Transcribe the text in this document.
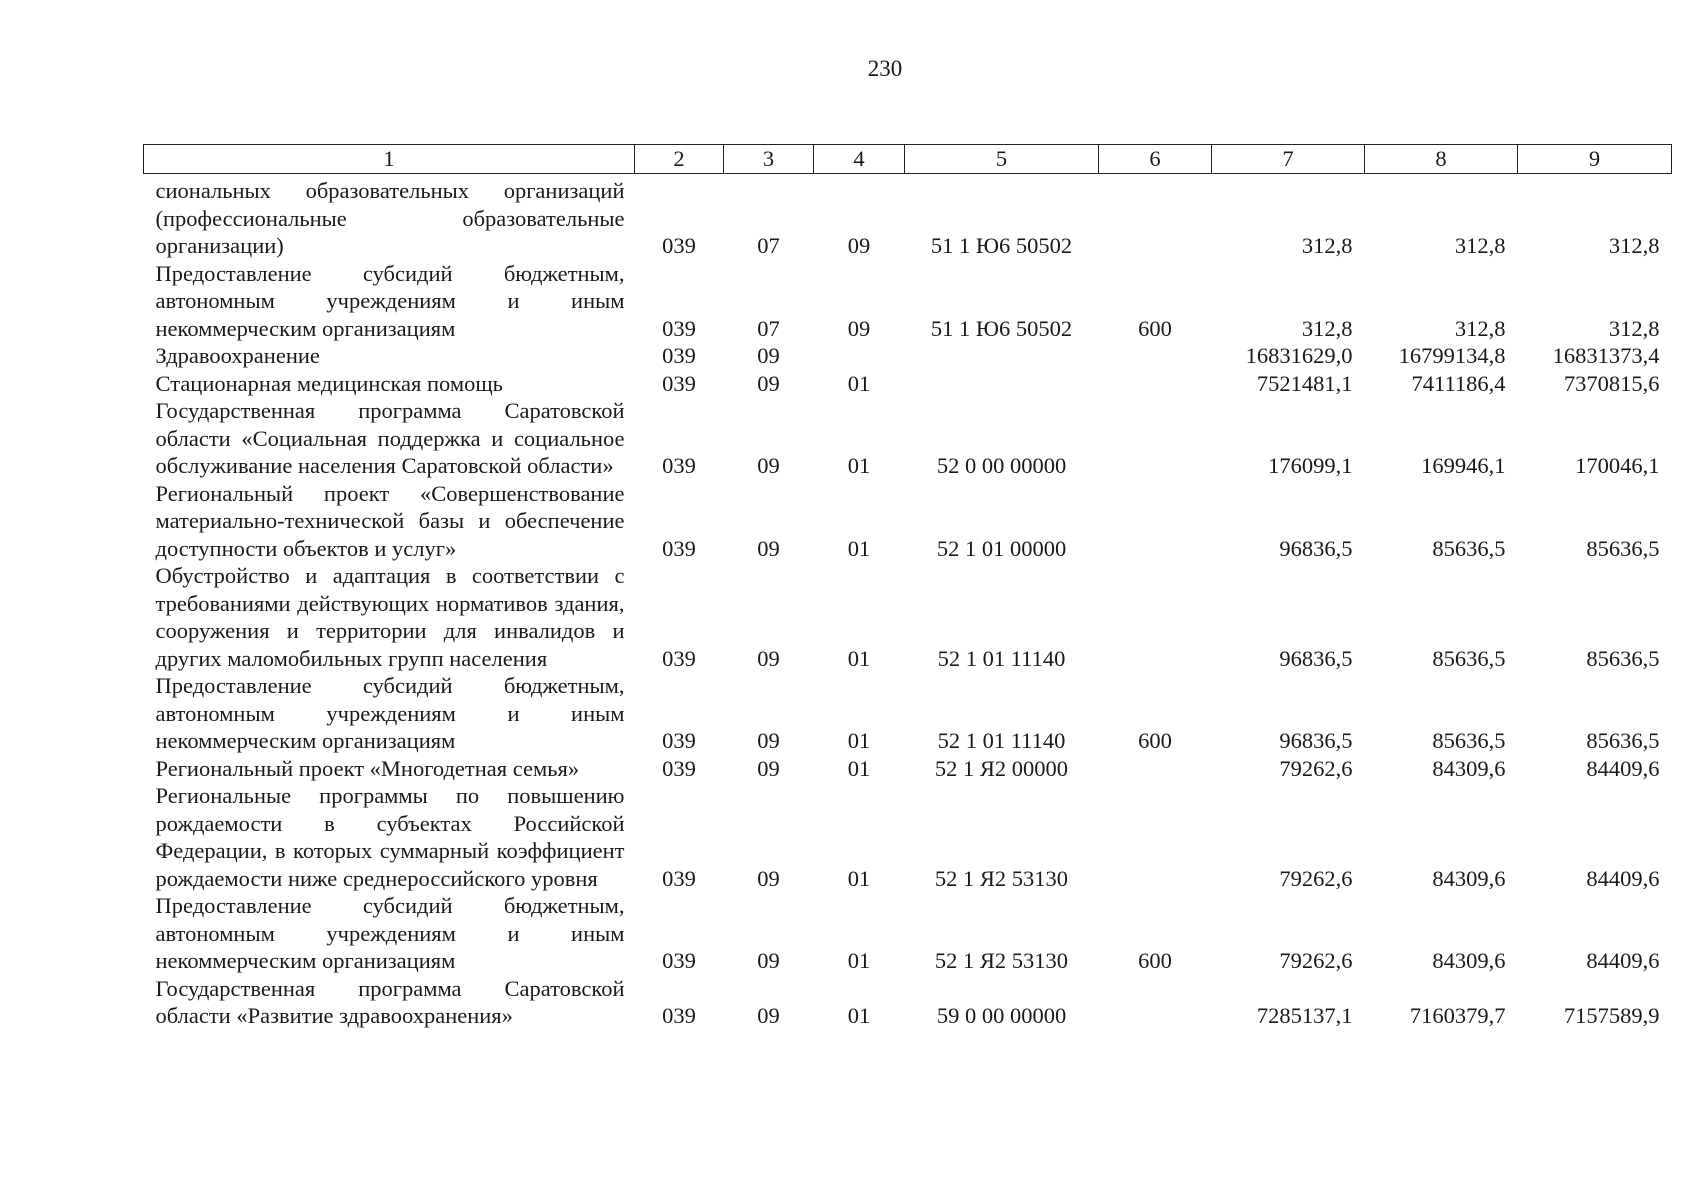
230
1	2	3	4	5	6	7	8	9
сиональных образовательных организаций (профессиональные образовательные организации)	039	07	09	51 1 Ю6 50502		312,8	312,8	312,8
Предоставление субсидий бюджетным, автономным учреждениям и иным некоммерческим организациям	039	07	09	51 1 Ю6 50502	600	312,8	312,8	312,8
Здравоохранение	039	09				16831629,0	16799134,8	16831373,4
Стационарная медицинская помощь	039	09	01			7521481,1	7411186,4	7370815,6
Государственная программа Саратовской области «Социальная поддержка и социальное обслуживание населения Саратовской области»	039	09	01	52 0 00 00000		176099,1	169946,1	170046,1
Региональный проект «Совершенствование материально-технической базы и обеспечение доступности объектов и услуг»	039	09	01	52 1 01 00000		96836,5	85636,5	85636,5
Обустройство и адаптация в соответствии с требованиями действующих нормативов здания, сооружения и территории для инвалидов и других маломобильных групп населения	039	09	01	52 1 01 11140		96836,5	85636,5	85636,5
Предоставление субсидий бюджетным, автономным учреждениям и иным некоммерческим организациям	039	09	01	52 1 01 11140	600	96836,5	85636,5	85636,5
Региональный проект «Многодетная семья»	039	09	01	52 1 Я2 00000		79262,6	84309,6	84409,6
Региональные программы по повышению рождаемости в субъектах Российской Федерации, в которых суммарный коэффициент рождаемости ниже среднероссийского уровня	039	09	01	52 1 Я2 53130		79262,6	84309,6	84409,6
Предоставление субсидий бюджетным, автономным учреждениям и иным некоммерческим организациям	039	09	01	52 1 Я2 53130	600	79262,6	84309,6	84409,6
Государственная программа Саратовской области «Развитие здравоохранения»	039	09	01	59 0 00 00000		7285137,1	7160379,7	7157589,9
